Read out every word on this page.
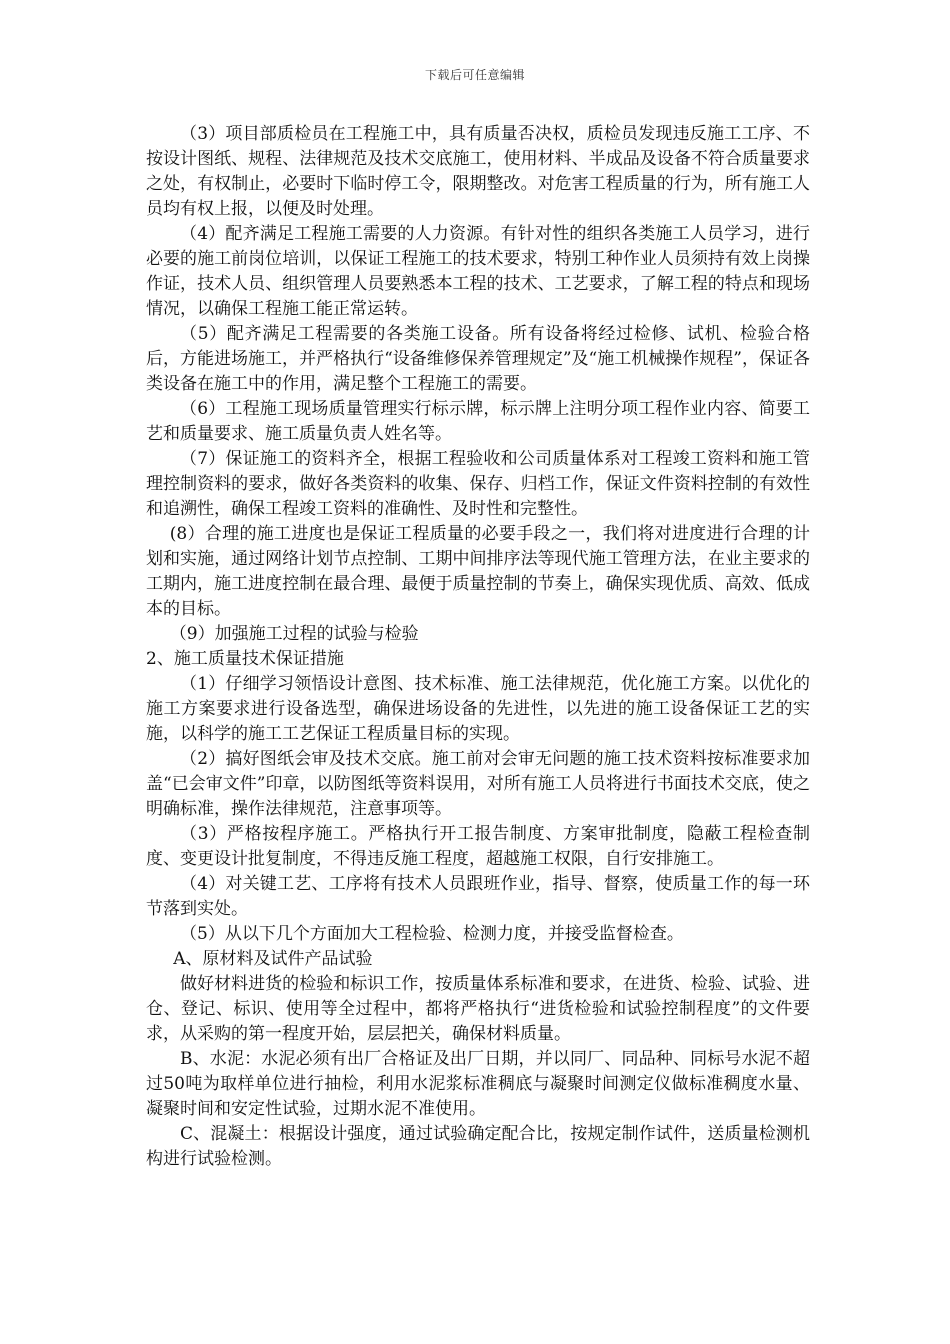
下载后可任意编辑

（3）项目部质检员在工程施工中，具有质量否决权，质检员发现违反施工工序、不按设计图纸、规程、法律规范及技术交底施工，使用材料、半成品及设备不符合质量要求之处，有权制止，必要时下临时停工令，限期整改。对危害工程质量的行为，所有施工人员均有权上报，以便及时处理。

（4）配齐满足工程施工需要的人力资源。有针对性的组织各类施工人员学习，进行必要的施工前岗位培训，以保证工程施工的技术要求，特别工种作业人员须持有效上岗操作证，技术人员、组织管理人员要熟悉本工程的技术、工艺要求，了解工程的特点和现场情况，以确保工程施工能正常运转。

（5）配齐满足工程需要的各类施工设备。所有设备将经过检修、试机、检验合格后，方能进场施工，并严格执行“设备维修保养管理规定”及“施工机械操作规程”，保证各类设备在施工中的作用，满足整个工程施工的需要。

（6）工程施工现场质量管理实行标示牌，标示牌上注明分项工程作业内容、简要工艺和质量要求、施工质量负责人姓名等。

（7）保证施工的资料齐全，根据工程验收和公司质量体系对工程竣工资料和施工管理控制资料的要求，做好各类资料的收集、保存、归档工作，保证文件资料控制的有效性和追溯性，确保工程竣工资料的准确性、及时性和完整性。

(8）合理的施工进度也是保证工程质量的必要手段之一，我们将对进度进行合理的计划和实施，通过网络计划节点控制、工期中间排序法等现代施工管理方法，在业主要求的工期内，施工进度控制在最合理、最便于质量控制的节奏上，确保实现优质、高效、低成本的目标。

（9）加强施工过程的试验与检验

2、施工质量技术保证措施

（1）仔细学习领悟设计意图、技术标准、施工法律规范，优化施工方案。以优化的施工方案要求进行设备选型，确保进场设备的先进性，以先进的施工设备保证工艺的实施，以科学的施工工艺保证工程质量目标的实现。

（2）搞好图纸会审及技术交底。施工前对会审无问题的施工技术资料按标准要求加盖“已会审文件”印章，以防图纸等资料误用，对所有施工人员将进行书面技术交底，使之明确标准，操作法律规范，注意事项等。

（3）严格按程序施工。严格执行开工报告制度、方案审批制度，隐蔽工程检查制度、变更设计批复制度，不得违反施工程度，超越施工权限，自行安排施工。

（4）对关键工艺、工序将有技术人员跟班作业，指导、督察，使质量工作的每一环节落到实处。

（5）从以下几个方面加大工程检验、检测力度，并接受监督检查。

A、原材料及试件产品试验

做好材料进货的检验和标识工作，按质量体系标准和要求，在进货、检验、试验、进仓、登记、标识、使用等全过程中，都将严格执行“进货检验和试验控制程度”的文件要求，从采购的第一程度开始，层层把关，确保材料质量。

B、水泥：水泥必须有出厂合格证及出厂日期，并以同厂、同品种、同标号水泥不超过50吨为取样单位进行抽检，利用水泥浆标准稠底与凝聚时间测定仪做标准稠度水量、凝聚时间和安定性试验，过期水泥不准使用。

C、混凝土：根据设计强度，通过试验确定配合比，按规定制作试件，送质量检测机构进行试验检测。
